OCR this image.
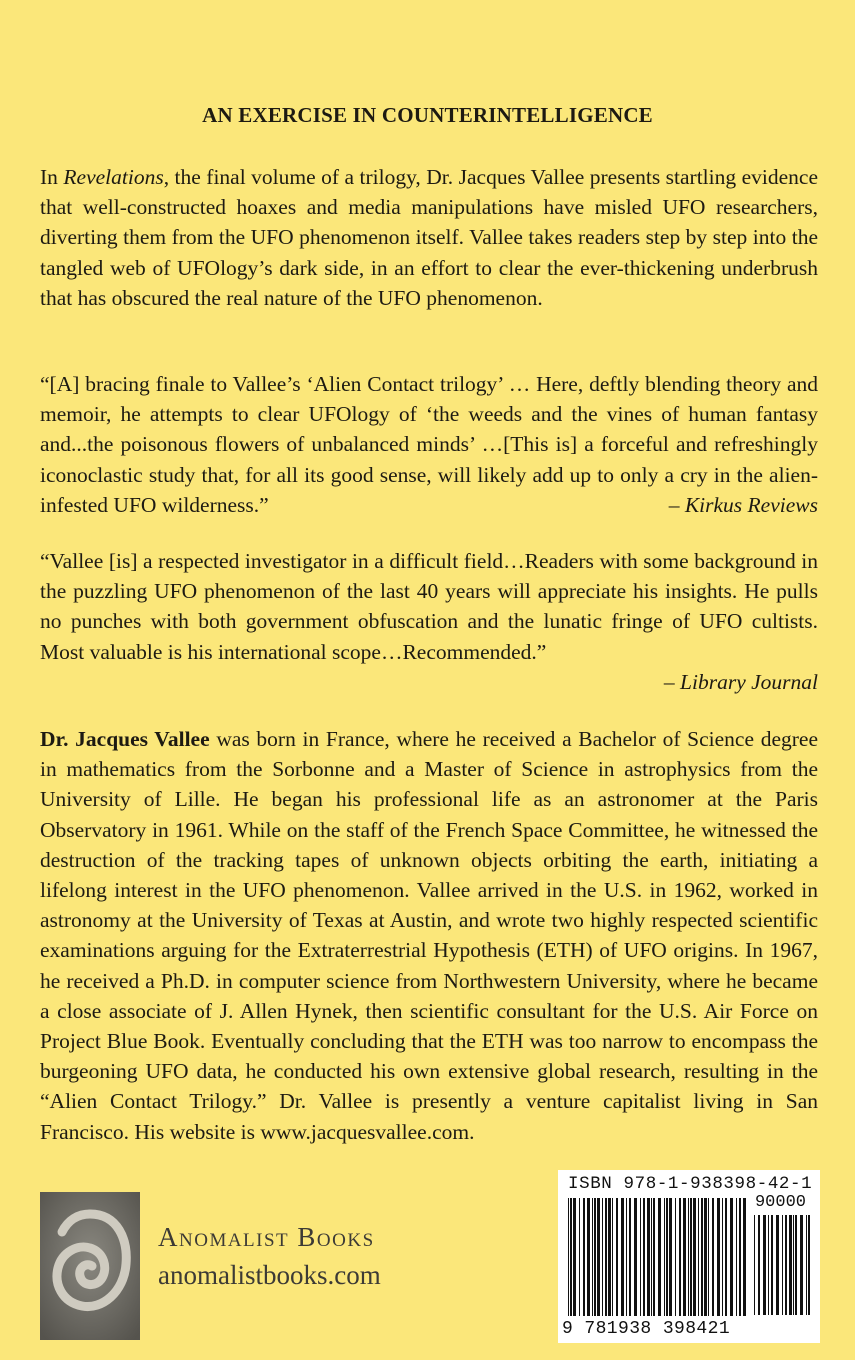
AN EXERCISE IN COUNTERINTELLIGENCE

In Revelations, the final volume of a trilogy, Dr. Jacques Vallee presents startling evidence that well-constructed hoaxes and media manipulations have misled UFO researchers, diverting them from the UFO phenomenon itself. Vallee takes readers step by step into the tangled web of UFOlogy’s dark side, in an effort to clear the ever-thickening underbrush that has obscured the real nature of the UFO phenomenon.

“[A] bracing finale to Vallee’s ‘Alien Contact trilogy’ … Here, deftly blending theory and memoir, he attempts to clear UFOlogy of ‘the weeds and the vines of human fantasy and...the poisonous flowers of unbalanced minds’ …[This is] a forceful and refreshingly iconoclastic study that, for all its good sense, will likely add up to only a cry in the alien-infested UFO wilderness.”	– Kirkus Reviews

“Vallee [is] a respected investigator in a difficult field…Readers with some background in the puzzling UFO phenomenon of the last 40 years will appreciate his insights. He pulls no punches with both government obfuscation and the lunatic fringe of UFO cultists. Most valuable is his international scope…Recommended.”
– Library Journal

Dr. Jacques Vallee was born in France, where he received a Bachelor of Science degree in mathematics from the Sorbonne and a Master of Science in astrophysics from the University of Lille. He began his professional life as an astronomer at the Paris Observatory in 1961. While on the staff of the French Space Committee, he witnessed the destruction of the tracking tapes of unknown objects orbiting the earth, initiating a lifelong interest in the UFO phenomenon. Vallee arrived in the U.S. in 1962, worked in astronomy at the University of Texas at Austin, and wrote two highly respected scientific examinations arguing for the Extraterrestrial Hypothesis (ETH) of UFO origins. In 1967, he received a Ph.D. in computer science from Northwestern University, where he became a close associate of J. Allen Hynek, then scientific consultant for the U.S. Air Force on Project Blue Book. Eventually concluding that the ETH was too narrow to encompass the burgeoning UFO data, he conducted his own extensive global research, resulting in the “Alien Contact Trilogy.” Dr. Vallee is presently a venture capitalist living in San Francisco. His website is www.jacquesvallee.com.

Anomalist Books
anomalistbooks.com
ISBN 978-1-938398-42-1
90000
9 781938 398421
